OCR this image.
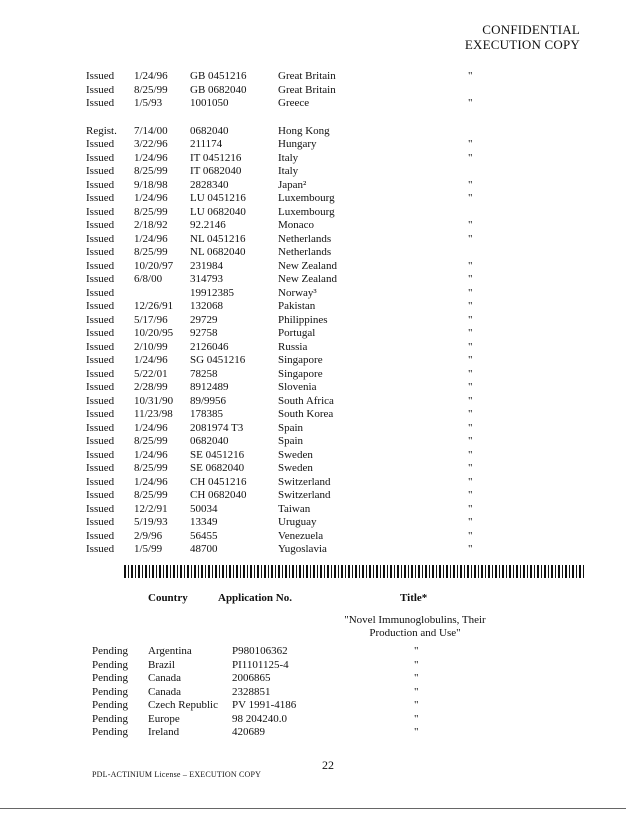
CONFIDENTIAL
EXECUTION COPY
Issued 1/24/96 GB 0451216	Great Britain	"
Issued 8/25/99 GB 0682040	Great Britain
Issued 1/5/93	1001050	Greece	"
Regist. 7/14/00 0682040	Hong Kong
Issued 3/22/96 211174	Hungary	"
Issued 1/24/96 IT 0451216	Italy	"
Issued 8/25/99 IT 0682040	Italy
Issued 9/18/98 2828340	Japan²	"
Issued 1/24/96 LU 0451216	Luxembourg	"
Issued 8/25/99 LU 0682040	Luxembourg
Issued 2/18/92 92.2146	Monaco	"
Issued 1/24/96 NL 0451216	Netherlands	"
Issued 8/25/99 NL 0682040	Netherlands
Issued 10/20/97 231984	New Zealand	"
Issued 6/8/00	314793	New Zealand	"
Issued	19912385	Norway³	"
Issued 12/26/91 132068	Pakistan	"
Issued 5/17/96 29729	Philippines	"
Issued 10/20/95 92758	Portugal	"
Issued 2/10/99 2126046	Russia	"
Issued 1/24/96 SG 0451216	Singapore	"
Issued 5/22/01 78258	Singapore	"
Issued 2/28/99 8912489	Slovenia	"
Issued 10/31/90 89/9956	South Africa	"
Issued 11/23/98 178385	South Korea	"
Issued 1/24/96 2081974 T3	Spain	"
Issued 8/25/99 0682040	Spain	"
Issued 1/24/96 SE 0451216	Sweden	"
Issued 8/25/99 SE 0682040	Sweden	"
Issued 1/24/96 CH 0451216	Switzerland	"
Issued 8/25/99 CH 0682040	Switzerland	"
Issued 12/2/91 50034	Taiwan	"
Issued 5/19/93 13349	Uruguay	"
Issued 2/9/96	56455	Venezuela	"
Issued 1/5/99	48700	Yugoslavia	"
Country	Application No.	Title*
"Novel Immunoglobulins, Their Production and Use"
Pending Argentina	P980106362	"
Pending Brazil	PI1101125-4	"
Pending Canada	2006865	"
Pending Canada	2328851	"
Pending Czech Republic PV 1991-4186	"
Pending Europe	98 204240.0	"
Pending Ireland	420689	"
22
PDL-ACTINIUM License – EXECUTION COPY
